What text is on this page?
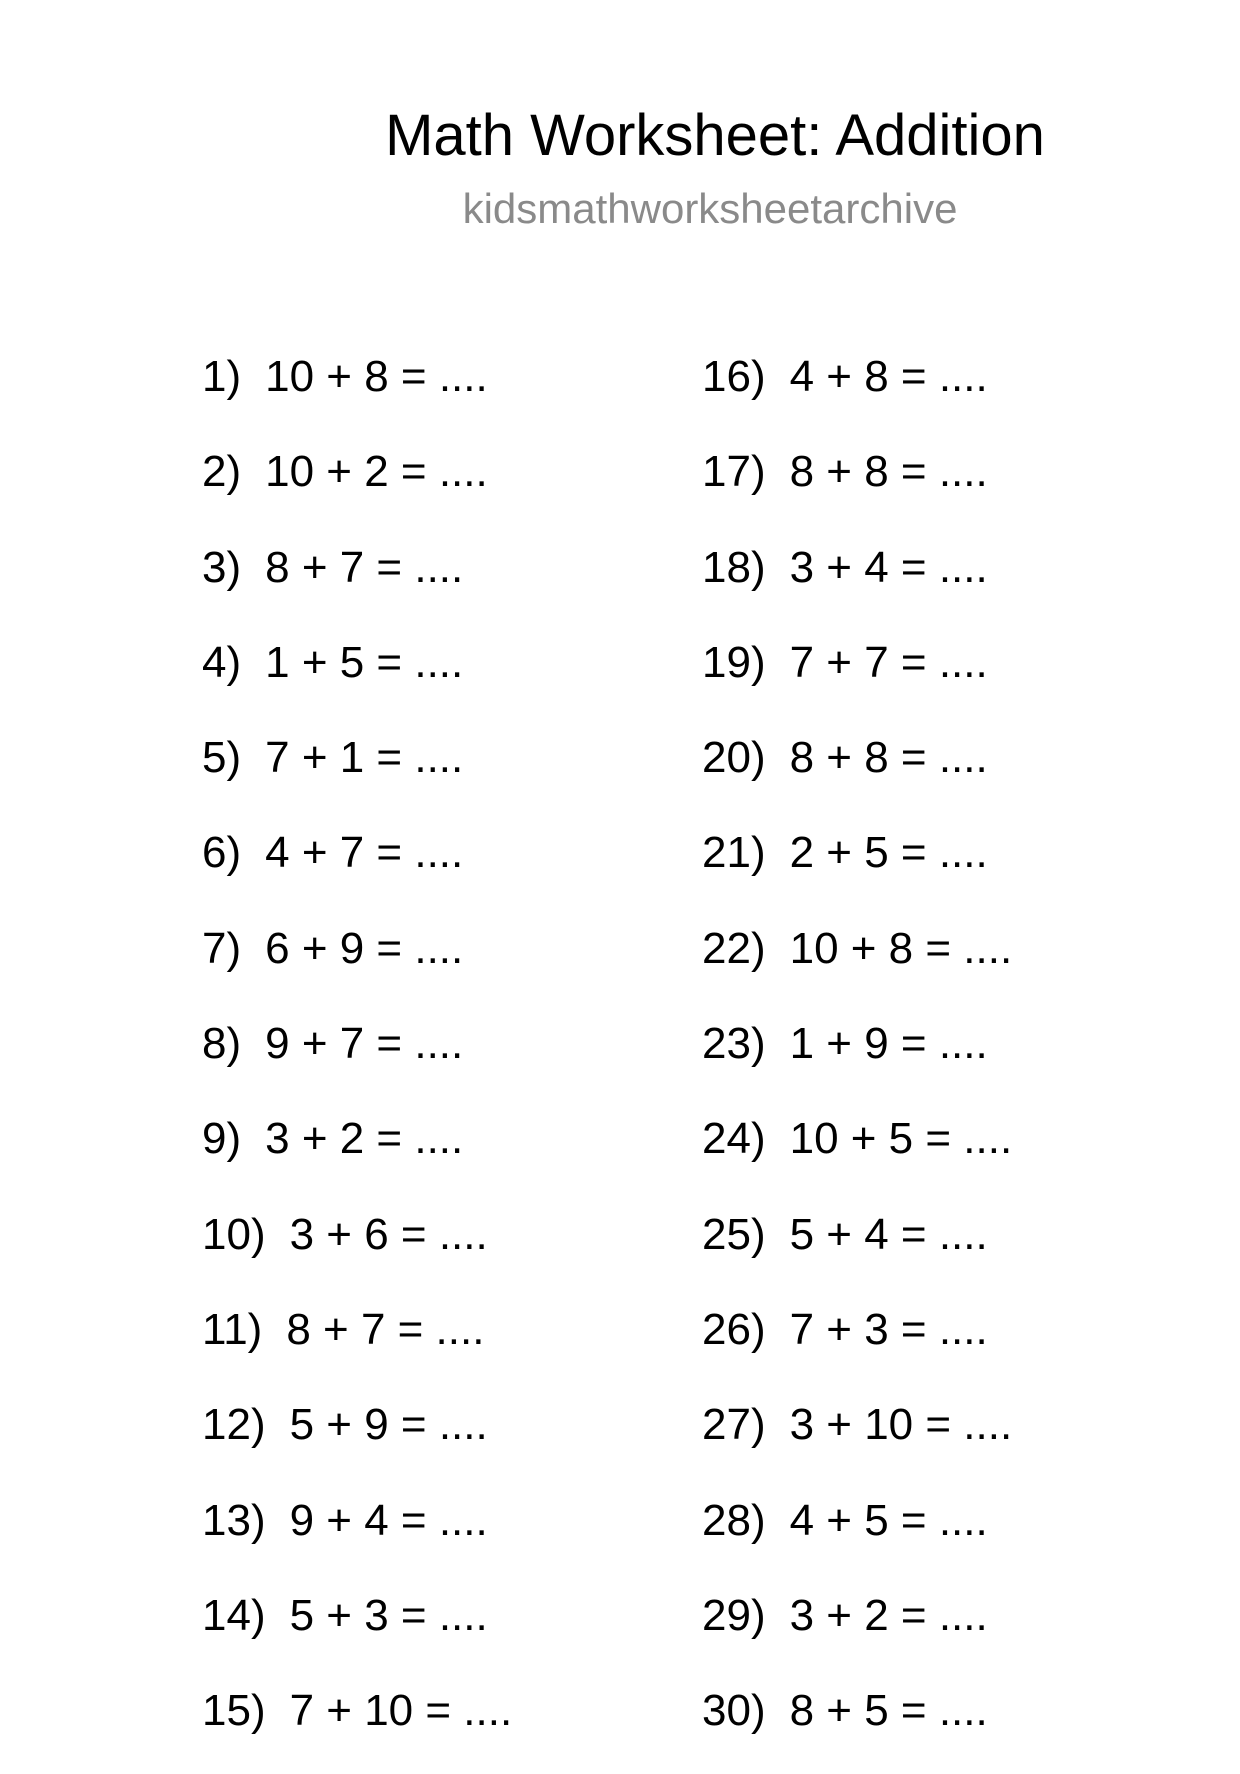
Math Worksheet: Addition
kidsmathworksheetarchive
1) 10 + 8 = ....
2) 10 + 2 = ....
3) 8 + 7 = ....
4) 1 + 5 = ....
5) 7 + 1 = ....
6) 4 + 7 = ....
7) 6 + 9 = ....
8) 9 + 7 = ....
9) 3 + 2 = ....
10) 3 + 6 = ....
11) 8 + 7 = ....
12) 5 + 9 = ....
13) 9 + 4 = ....
14) 5 + 3 = ....
15) 7 + 10 = ....
16) 4 + 8 = ....
17) 8 + 8 = ....
18) 3 + 4 = ....
19) 7 + 7 = ....
20) 8 + 8 = ....
21) 2 + 5 = ....
22) 10 + 8 = ....
23) 1 + 9 = ....
24) 10 + 5 = ....
25) 5 + 4 = ....
26) 7 + 3 = ....
27) 3 + 10 = ....
28) 4 + 5 = ....
29) 3 + 2 = ....
30) 8 + 5 = ....
